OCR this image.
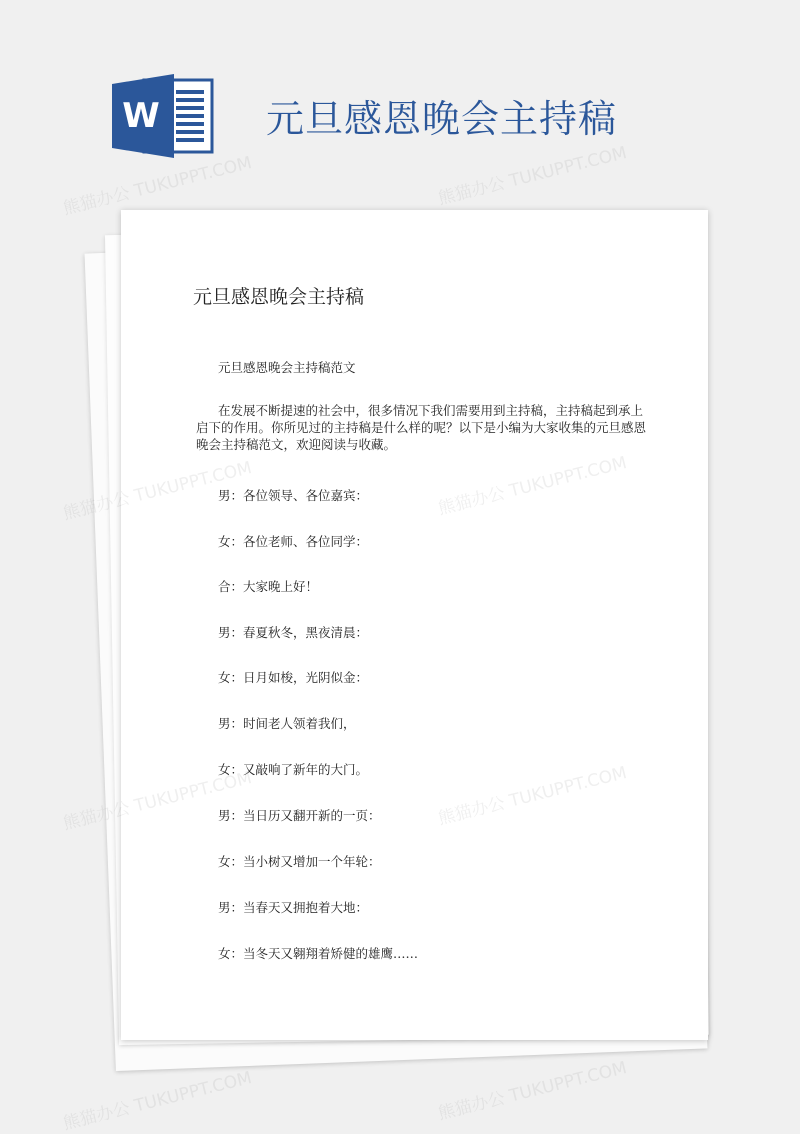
W	元旦感恩晚会主持稿
元旦感恩晚会主持稿
元旦感恩晚会主持稿范文
在发展不断提速的社会中，很多情况下我们需要用到主持稿，主持稿起到承上启下的作用。你所见过的主持稿是什么样的呢？以下是小编为大家收集的元旦感恩晚会主持稿范文，欢迎阅读与收藏。
男：各位领导、各位嘉宾：
女：各位老师、各位同学：
合：大家晚上好！
男：春夏秋冬，黑夜清晨：
女：日月如梭，光阴似金：
男：时间老人领着我们，
女：又敲响了新年的大门。
男：当日历又翻开新的一页：
女：当小树又增加一个年轮：
男：当春天又拥抱着大地：
女：当冬天又翱翔着矫健的雄鹰……
熊猫办公 TUKUPPT.COM	熊猫办公 TUKUPPT.COM
熊猫办公
熊猫办公 TUKUPPT.COM	熊猫办公 TUKUPPT.COM
